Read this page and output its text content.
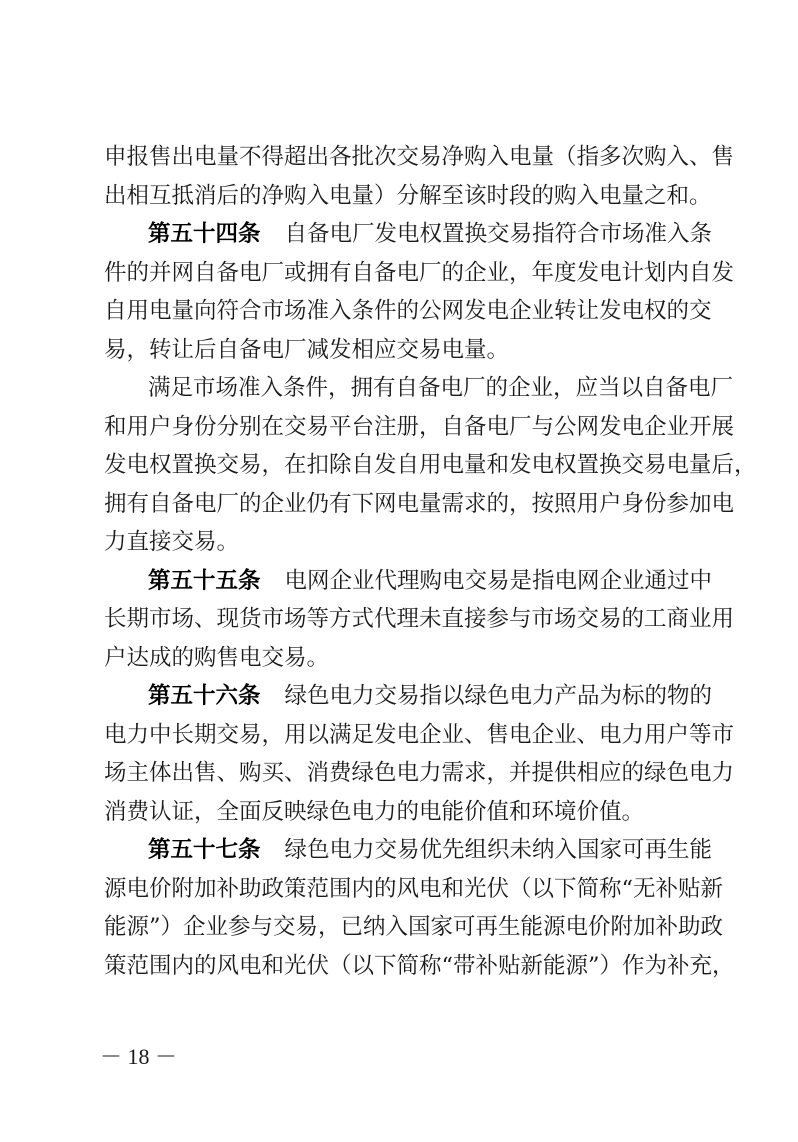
申报售出电量不得超出各批次交易净购入电量（指多次购入、售
出相互抵消后的净购入电量）分解至该时段的购入电量之和。
第五十四条 自备电厂发电权置换交易指符合市场准入条
件的并网自备电厂或拥有自备电厂的企业，年度发电计划内自发
自用电量向符合市场准入条件的公网发电企业转让发电权的交
易，转让后自备电厂减发相应交易电量。
满足市场准入条件，拥有自备电厂的企业，应当以自备电厂
和用户身份分别在交易平台注册，自备电厂与公网发电企业开展
发电权置换交易，在扣除自发自用电量和发电权置换交易电量后，
拥有自备电厂的企业仍有下网电量需求的，按照用户身份参加电
力直接交易。
第五十五条 电网企业代理购电交易是指电网企业通过中
长期市场、现货市场等方式代理未直接参与市场交易的工商业用
户达成的购售电交易。
第五十六条 绿色电力交易指以绿色电力产品为标的物的
电力中长期交易，用以满足发电企业、售电企业、电力用户等市
场主体出售、购买、消费绿色电力需求，并提供相应的绿色电力
消费认证，全面反映绿色电力的电能价值和环境价值。
第五十七条 绿色电力交易优先组织未纳入国家可再生能
源电价附加补助政策范围内的风电和光伏（以下简称“无补贴新
能源”）企业参与交易，已纳入国家可再生能源电价附加补助政
策范围内的风电和光伏（以下简称“带补贴新能源”）作为补充，
－ 18 －
